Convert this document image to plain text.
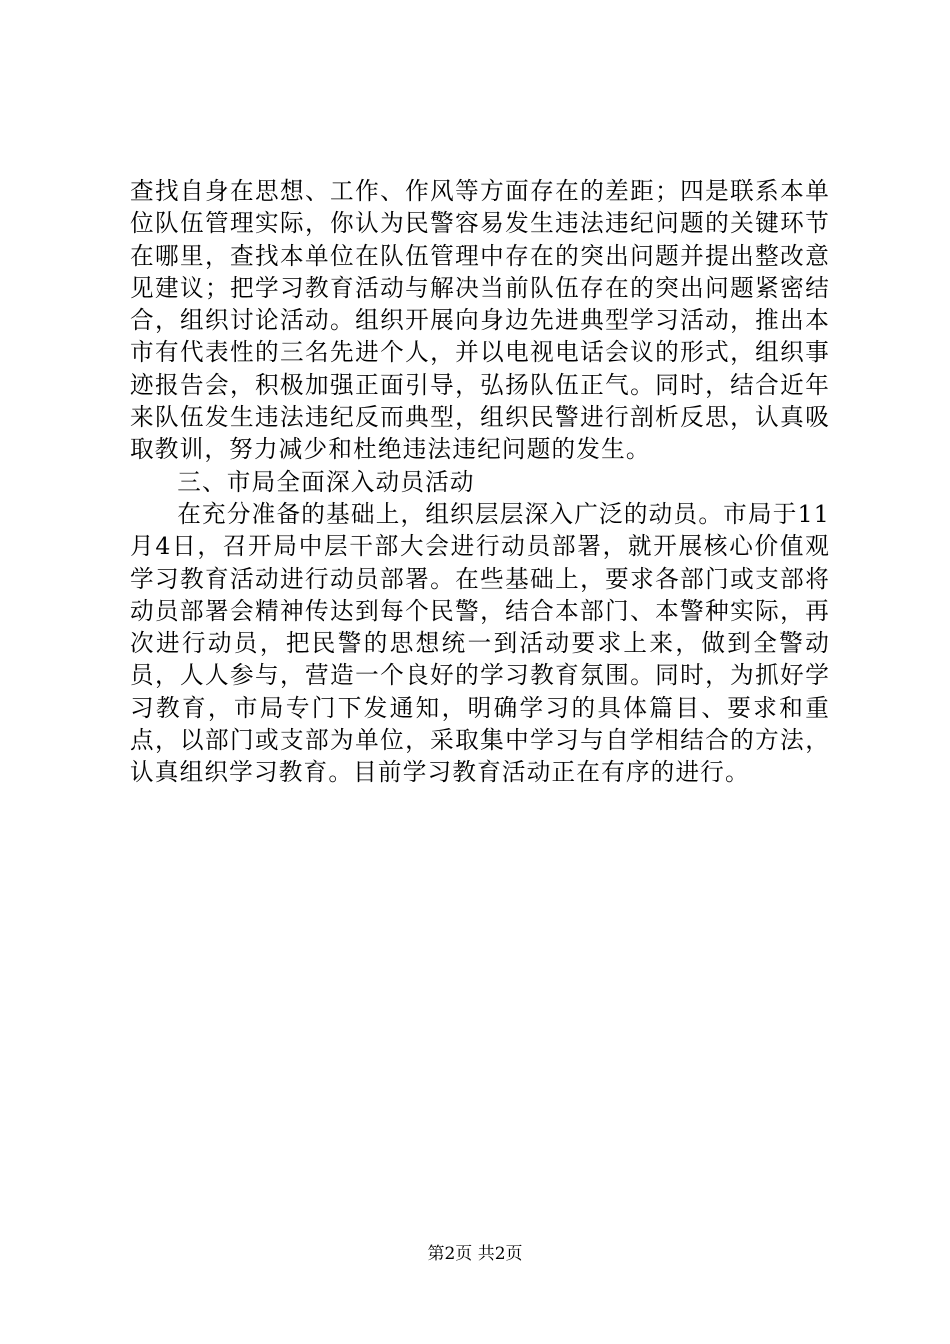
查找自身在思想、工作、作风等方面存在的差距；四是联系本单位队伍管理实际，你认为民警容易发生违法违纪问题的关键环节在哪里，查找本单位在队伍管理中存在的突出问题并提出整改意见建议；把学习教育活动与解决当前队伍存在的突出问题紧密结合，组织讨论活动。组织开展向身边先进典型学习活动，推出本市有代表性的三名先进个人，并以电视电话会议的形式，组织事迹报告会，积极加强正面引导，弘扬队伍正气。同时，结合近年来队伍发生违法违纪反而典型，组织民警进行剖析反思，认真吸取教训，努力减少和杜绝违法违纪问题的发生。

三、市局全面深入动员活动

在充分准备的基础上，组织层层深入广泛的动员。市局于11月4日，召开局中层干部大会进行动员部署，就开展核心价值观学习教育活动进行动员部署。在些基础上，要求各部门或支部将动员部署会精神传达到每个民警，结合本部门、本警种实际，再次进行动员，把民警的思想统一到活动要求上来，做到全警动员，人人参与，营造一个良好的学习教育氛围。同时，为抓好学习教育，市局专门下发通知，明确学习的具体篇目、要求和重点，以部门或支部为单位，采取集中学习与自学相结合的方法，认真组织学习教育。目前学习教育活动正在有序的进行。

第2页 共2页
